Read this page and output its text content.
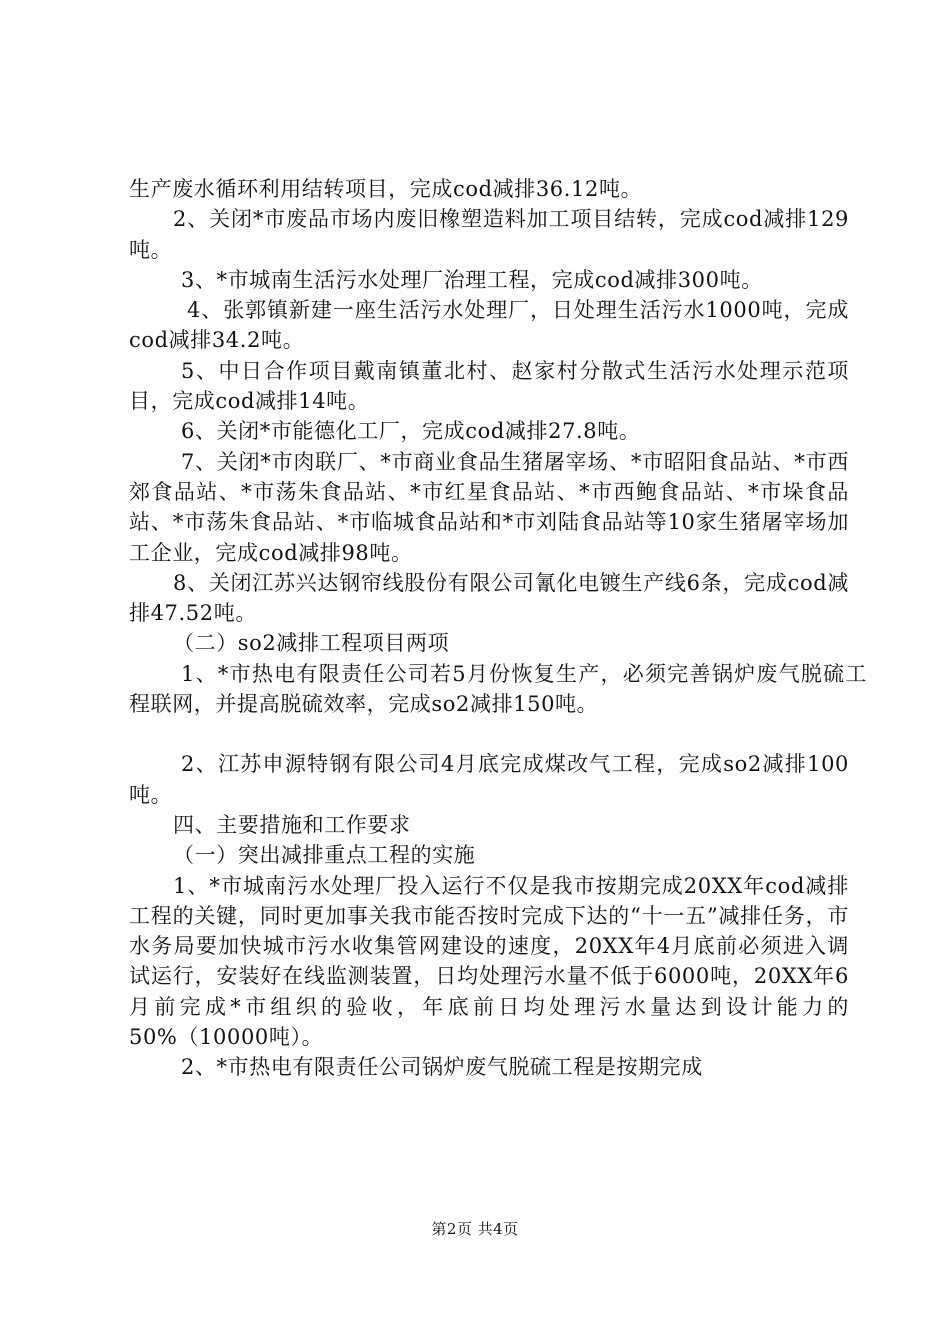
生产废水循环利用结转项目，完成cod减排36.12吨。

2、关闭*市废品市场内废旧橡塑造料加工项目结转，完成cod减排129吨。

3、*市城南生活污水处理厂治理工程，完成cod减排300吨。

4、张郭镇新建一座生活污水处理厂，日处理生活污水1000吨，完成cod减排34.2吨。

5、中日合作项目戴南镇董北村、赵家村分散式生活污水处理示范项目，完成cod减排14吨。

6、关闭*市能德化工厂，完成cod减排27.8吨。

7、关闭*市肉联厂、*市商业食品生猪屠宰场、*市昭阳食品站、*市西郊食品站、*市荡朱食品站、*市红星食品站、*市西鲍食品站、*市垛食品站、*市荡朱食品站、*市临城食品站和*市刘陆食品站等10家生猪屠宰场加工企业，完成cod减排98吨。

8、关闭江苏兴达钢帘线股份有限公司氰化电镀生产线6条，完成cod减排47.52吨。

（二）so2减排工程项目两项

1、*市热电有限责任公司若5月份恢复生产，必须完善锅炉废气脱硫工程联网，并提高脱硫效率，完成so2减排150吨。

2、江苏申源特钢有限公司4月底完成煤改气工程，完成so2减排100吨。

四、主要措施和工作要求

（一）突出减排重点工程的实施

1、*市城南污水处理厂投入运行不仅是我市按期完成20XX年cod减排工程的关键，同时更加事关我市能否按时完成下达的“十一五”减排任务，市水务局要加快城市污水收集管网建设的速度，20XX年4月底前必须进入调试运行，安装好在线监测装置，日均处理污水量不低于6000吨，20XX年6月前完成*市组织的验收，年底前日均处理污水量达到设计能力的50%（10000吨）。

2、*市热电有限责任公司锅炉废气脱硫工程是按期完成

第2页 共4页
